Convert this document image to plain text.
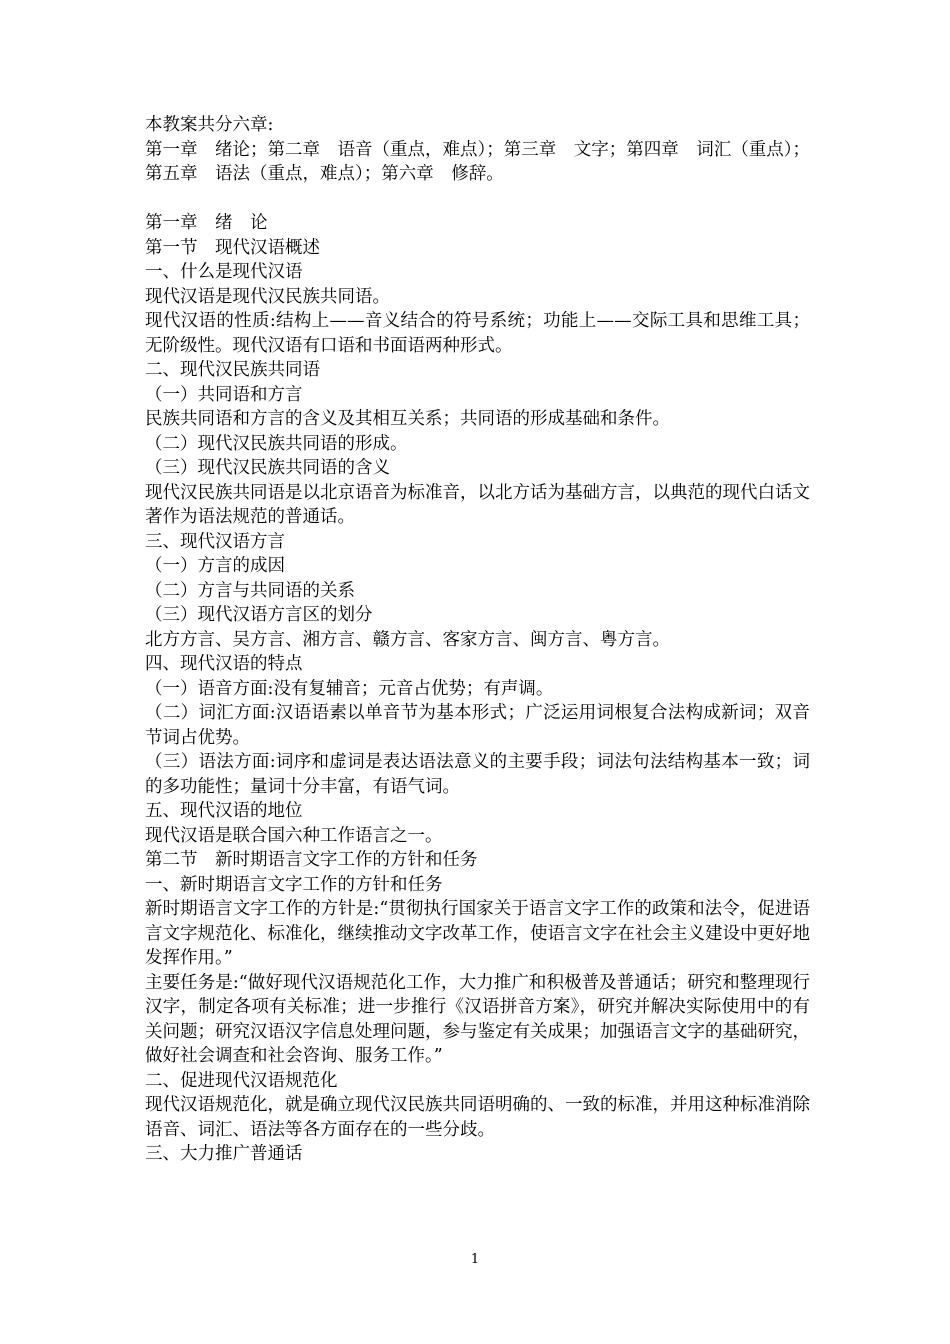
本教案共分六章:
第一章　绪论；第二章　语音（重点，难点）；第三章　文字；第四章　词汇（重点）；
第五章　语法（重点，难点）；第六章　修辞。
第一章　绪　论
第一节　现代汉语概述
一、什么是现代汉语
现代汉语是现代汉民族共同语。
现代汉语的性质:结构上——音义结合的符号系统；功能上——交际工具和思维工具；无阶级性。现代汉语有口语和书面语两种形式。
二、现代汉民族共同语
（一）共同语和方言
民族共同语和方言的含义及其相互关系；共同语的形成基础和条件。
（二）现代汉民族共同语的形成。
（三）现代汉民族共同语的含义
现代汉民族共同语是以北京语音为标准音，以北方话为基础方言，以典范的现代白话文著作为语法规范的普通话。
三、现代汉语方言
（一）方言的成因
（二）方言与共同语的关系
（三）现代汉语方言区的划分
北方方言、吴方言、湘方言、赣方言、客家方言、闽方言、粤方言。
四、现代汉语的特点
（一）语音方面:没有复辅音；元音占优势；有声调。
（二）词汇方面:汉语语素以单音节为基本形式；广泛运用词根复合法构成新词；双音节词占优势。
（三）语法方面:词序和虚词是表达语法意义的主要手段；词法句法结构基本一致；词的多功能性；量词十分丰富，有语气词。
五、现代汉语的地位
现代汉语是联合国六种工作语言之一。
第二节　新时期语言文字工作的方针和任务
一、新时期语言文字工作的方针和任务
新时期语言文字工作的方针是:“贯彻执行国家关于语言文字工作的政策和法令，促进语言文字规范化、标准化，继续推动文字改革工作，使语言文字在社会主义建设中更好地发挥作用。”
主要任务是:“做好现代汉语规范化工作，大力推广和积极普及普通话；研究和整理现行汉字，制定各项有关标准；进一步推行《汉语拼音方案》，研究并解决实际使用中的有关问题；研究汉语汉字信息处理问题，参与鉴定有关成果；加强语言文字的基础研究，做好社会调查和社会咨询、服务工作。”
二、促进现代汉语规范化
现代汉语规范化，就是确立现代汉民族共同语明确的、一致的标准，并用这种标准消除语音、词汇、语法等各方面存在的一些分歧。
三、大力推广普通话
1
